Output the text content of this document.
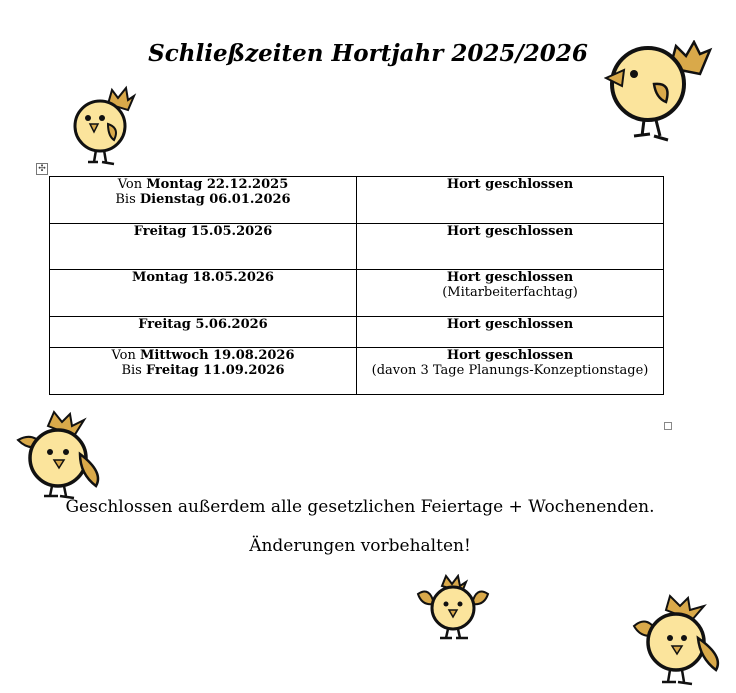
Schließzeiten Hortjahr 2025/2026
✣
Von Montag 22.12.2025
Bis Dienstag 06.01.2026	Hort geschlossen
Freitag 15.05.2026	Hort geschlossen
Montag 18.05.2026	Hort geschlossen
(Mitarbeiterfachtag)
Freitag 5.06.2026	Hort geschlossen
Von Mittwoch 19.08.2026
Bis Freitag 11.09.2026	Hort geschlossen
(davon 3 Tage Planungs-Konzeptionstage)

Geschlossen außerdem alle gesetzlichen Feiertage + Wochenenden.

Änderungen vorbehalten!
